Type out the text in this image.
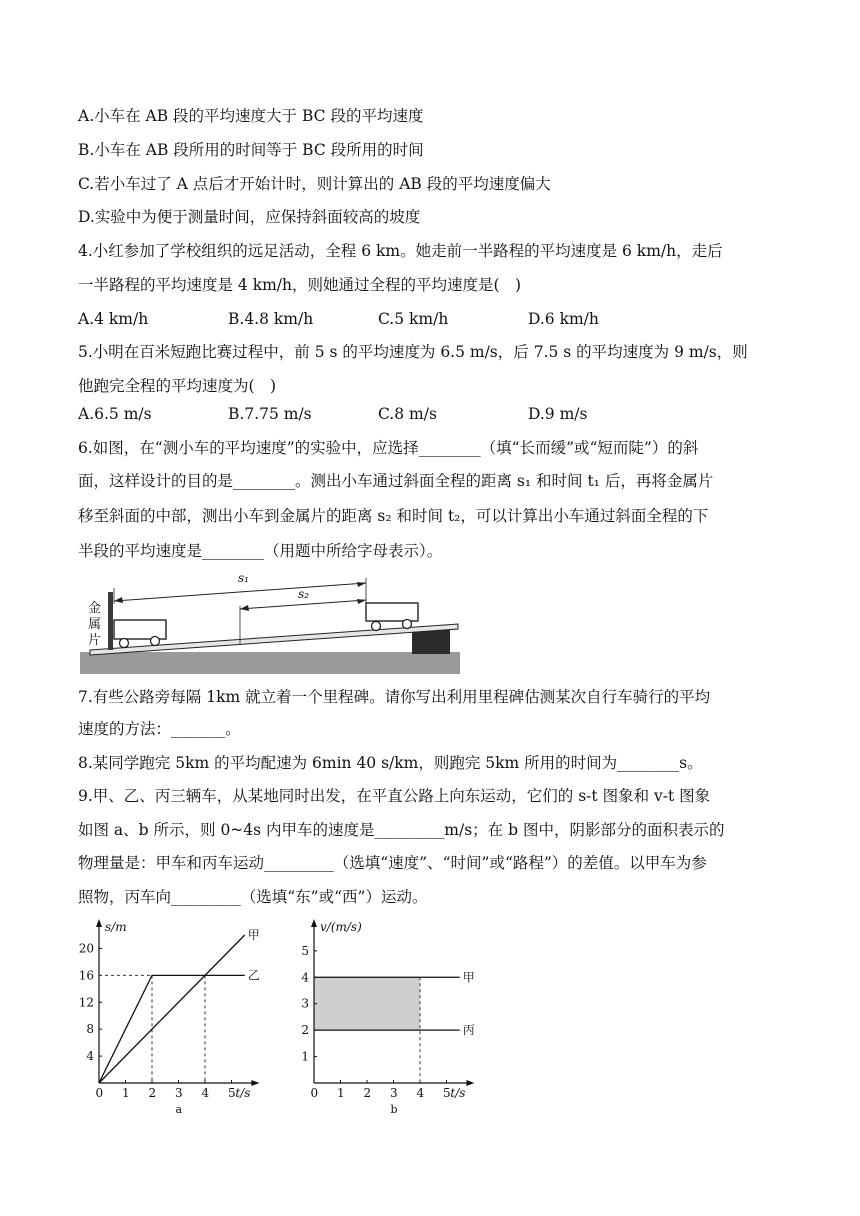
A.小车在 AB 段的平均速度大于 BC 段的平均速度
B.小车在 AB 段所用的时间等于 BC 段所用的时间
C.若小车过了 A 点后才开始计时，则计算出的 AB 段的平均速度偏大
D.实验中为便于测量时间，应保持斜面较高的坡度
4.小红参加了学校组织的远足活动，全程 6 km。她走前一半路程的平均速度是 6 km/h，走后
一半路程的平均速度是 4 km/h，则她通过全程的平均速度是(　)
A.4 km/h	B.4.8 km/h	C.5 km/h	D.6 km/h
5.小明在百米短跑比赛过程中，前 5 s 的平均速度为 6.5 m/s，后 7.5 s 的平均速度为 9 m/s，则
他跑完全程的平均速度为(　)
A.6.5 m/s	B.7.75 m/s	C.8 m/s	D.9 m/s
6.如图，在“测小车的平均速度”的实验中，应选择________（填“长而缓”或“短而陡”）的斜
面，这样设计的目的是________。测出小车通过斜面全程的距离 s₁ 和时间 t₁ 后，再将金属片
移至斜面的中部，测出小车到金属片的距离 s₂ 和时间 t₂，可以计算出小车通过斜面全程的下
半段的平均速度是________（用题中所给字母表示）。
金
属
片
s₁
s₂
7.有些公路旁每隔 1km 就立着一个里程碑。请你写出利用里程碑估测某次自行车骑行的平均
速度的方法：_______。
8.某同学跑完 5km 的平均配速为 6min 40 s/km，则跑完 5km 所用的时间为________s。
9.甲、乙、丙三辆车，从某地同时出发，在平直公路上向东运动，它们的 s-t 图象和 v-t 图象
如图 a、b 所示，则 0~4s 内甲车的速度是_________m/s；在 b 图中，阴影部分的面积表示的
物理量是：甲车和丙车运动_________（选填“速度”、“时间”或“路程”）的差值。以甲车为参
照物，丙车向_________（选填“东”或“西”）运动。
0 1 2 3 4 5
4
8
12
16
20
s/m
t/s
甲
乙
a
0 1 2 3 4 5
1
2
3
4
5
v/(m/s)
t/s
甲
丙
b
